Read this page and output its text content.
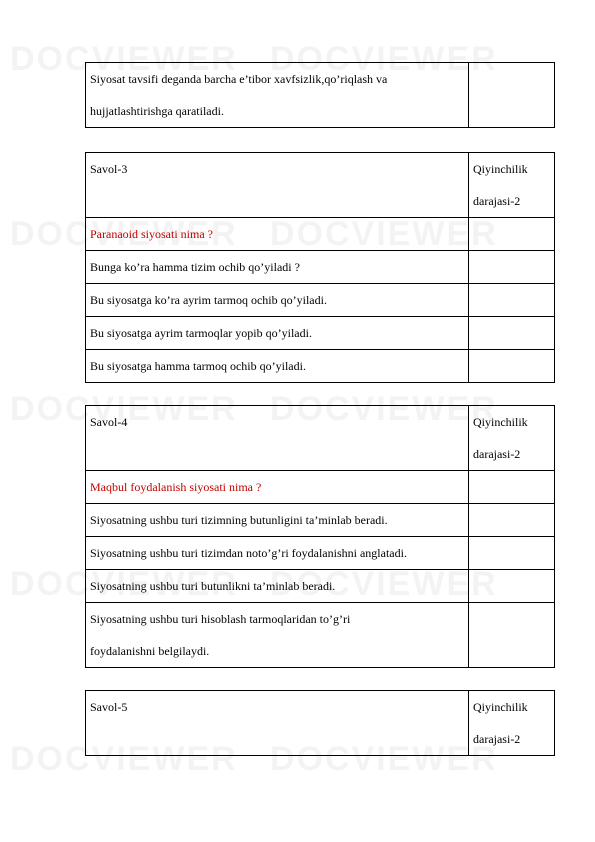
Siyosat tavsifi deganda barcha e’tibor xavfsizlik,qo’riqlash va
hujjatlashtirishga qaratiladi.

Savol-3	Qiyinchilik
darajasi-2

Paranaoid siyosati nima ?	
Bunga ko’ra hamma tizim ochib qo’yiladi ?	
Bu siyosatga ko’ra ayrim tarmoq ochib qo’yiladi.	
Bu siyosatga ayrim tarmoqlar yopib qo’yiladi.	
Bu siyosatga hamma tarmoq ochib qo’yiladi.	
Savol-4	Qiyinchilik
darajasi-2

Maqbul foydalanish siyosati nima ?	
Siyosatning ushbu turi tizimning butunligini ta’minlab beradi.	
Siyosatning ushbu turi tizimdan noto’g’ri foydalanishni anglatadi.	
Siyosatning ushbu turi butunlikni ta’minlab beradi.	

Siyosatning ushbu turi hisoblash tarmoqlaridan to’g’ri
foydalanishni belgilaydi.	

Savol-5	Qiyinchilik
darajasi-2
